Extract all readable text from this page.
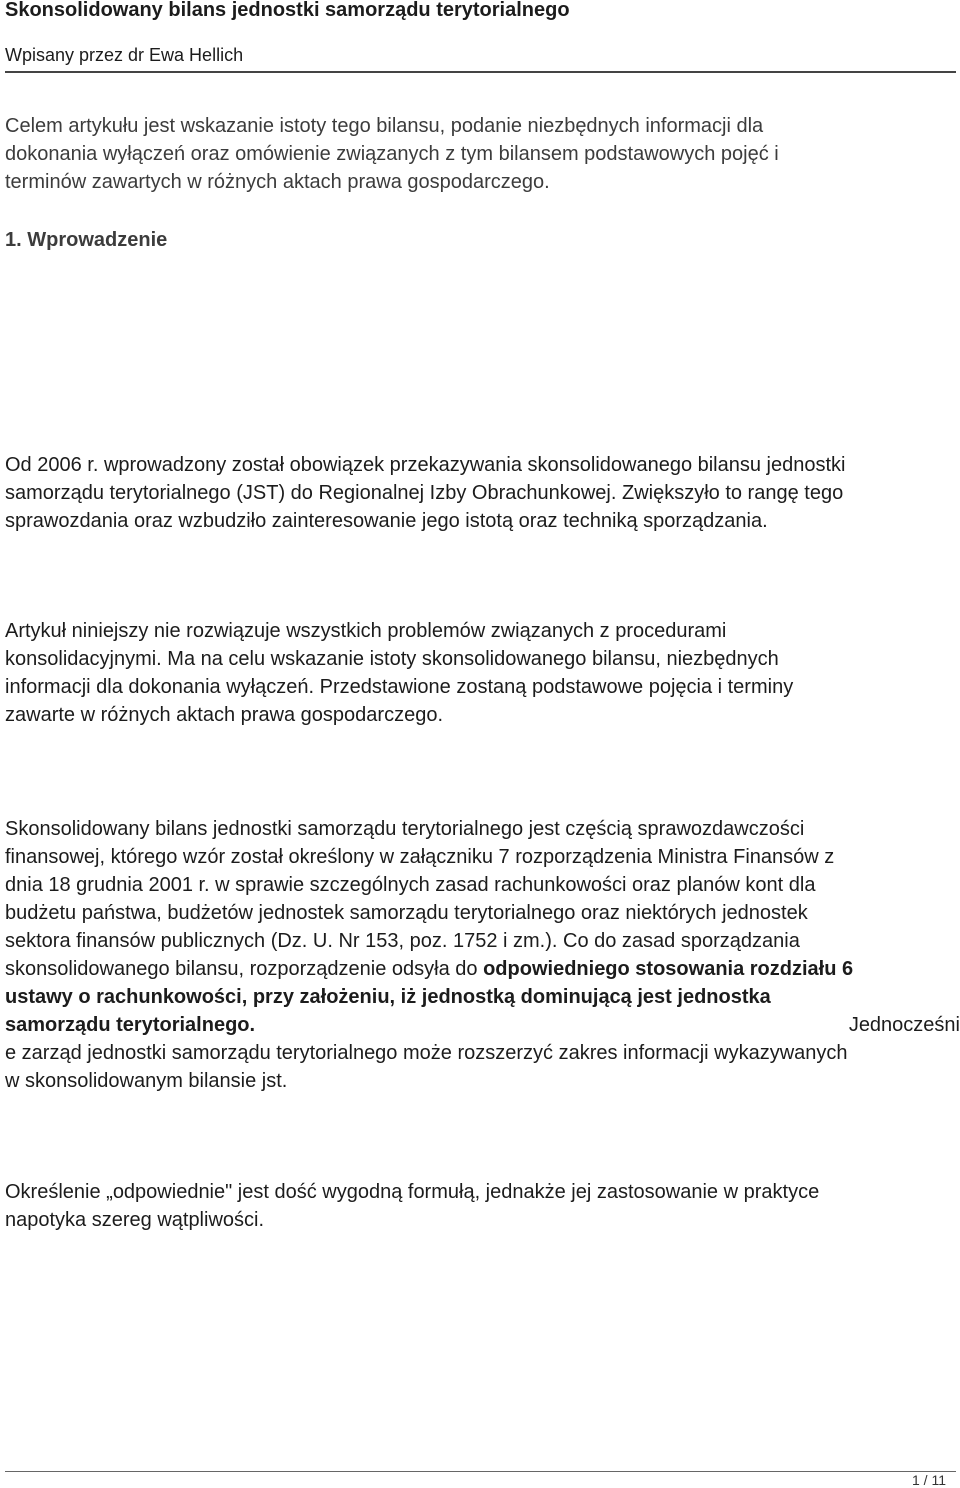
Skonsolidowany bilans jednostki samorządu terytorialnego
Wpisany przez dr Ewa Hellich
Celem artykułu jest wskazanie istoty tego bilansu, podanie niezbędnych informacji dla
dokonania wyłączeń oraz omówienie związanych z tym bilansem podstawowych pojęć i
terminów zawartych w różnych aktach prawa gospodarczego.
1. Wprowadzenie
Od 2006 r. wprowadzony został obowiązek przekazywania skonsolidowanego bilansu jednostki
samorządu terytorialnego (JST) do Regionalnej Izby Obrachunkowej. Zwiększyło to rangę tego
sprawozdania oraz wzbudziło zainteresowanie jego istotą oraz techniką sporządzania.
Artykuł niniejszy nie rozwiązuje wszystkich problemów związanych z procedurami
konsolidacyjnymi. Ma na celu wskazanie istoty skonsolidowanego bilansu, niezbędnych
informacji dla dokonania wyłączeń. Przedstawione zostaną podstawowe pojęcia i terminy
zawarte w różnych aktach prawa gospodarczego.
Skonsolidowany bilans jednostki samorządu terytorialnego jest częścią sprawozdawczości
finansowej, którego wzór został określony w załączniku 7 rozporządzenia Ministra Finansów z
dnia 18 grudnia 2001 r. w sprawie szczególnych zasad rachunkowości oraz planów kont dla
budżetu państwa, budżetów jednostek samorządu terytorialnego oraz niektórych jednostek
sektora finansów publicznych (Dz. U. Nr 153, poz. 1752 i zm.). Co do zasad sporządzania
skonsolidowanego bilansu, rozporządzenie odsyła do odpowiedniego stosowania rozdziału 6
ustawy o rachunkowości, przy założeniu, iż jednostką dominującą jest jednostka
samorządu terytorialnego.	Jednocześni
e zarząd jednostki samorządu terytorialnego może rozszerzyć zakres informacji wykazywanych
w skonsolidowanym bilansie jst.
Określenie „odpowiednie" jest dość wygodną formułą, jednakże jej zastosowanie w praktyce
napotyka szereg wątpliwości.
1 / 11
